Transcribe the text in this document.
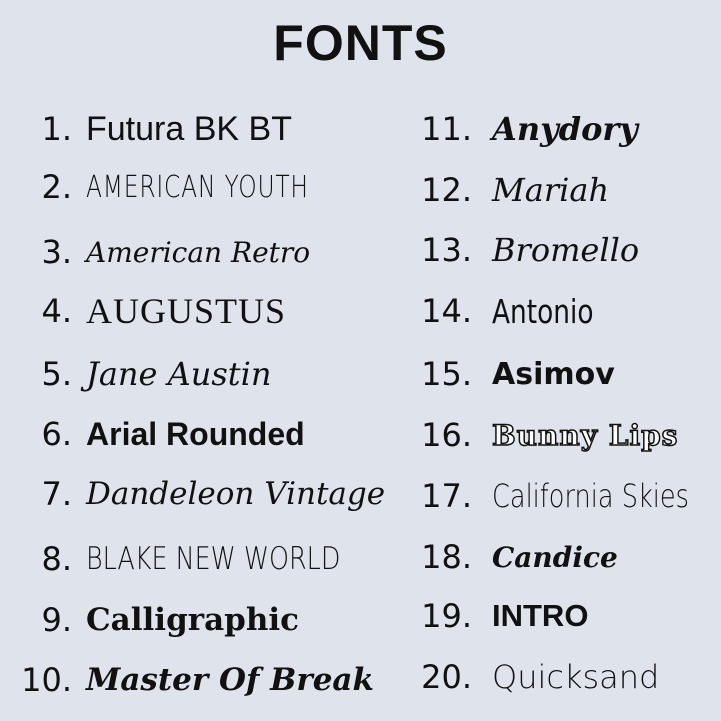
FONTS
1. Futura BK BT
2. AMERICAN YOUTH
3. American Retro
4. AUGUSTUS
5. Jane Austin
6. Arial Rounded
7. Dandeleon Vintage
8. BLAKE NEW WORLD
9. Calligraphic
10. Master Of Break
11. Anydory
12. Mariah
13. Bromello
14. Antonio
15. Asimov
16. Bunny Lips
17. California Skies
18. Candice
19. INTRO
20. Quicksand
